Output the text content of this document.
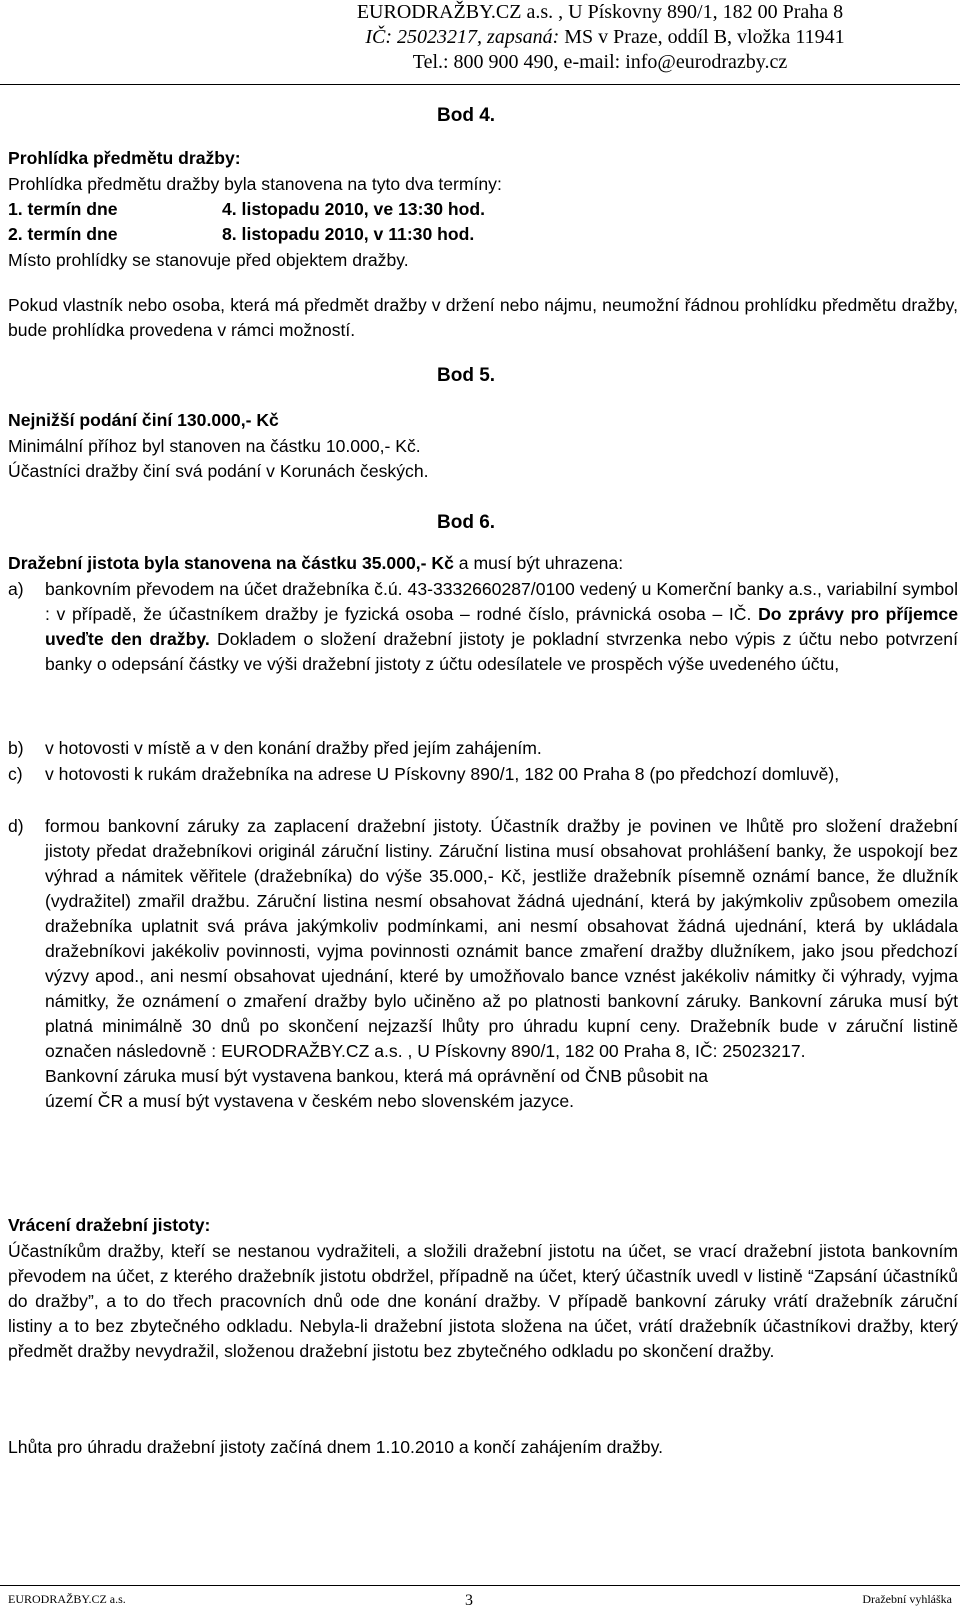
EURODRAŽBY.CZ a.s. , U Pískovny 890/1, 182 00 Praha 8
IČ: 25023217, zapsaná: MS v Praze, oddíl B, vložka 11941
Tel.: 800 900 490, e-mail: info@eurodrazby.cz
Bod 4.
Prohlídka předmětu dražby:
Prohlídka předmětu dražby byla stanovena na tyto dva termíny:
1. termín dne	4. listopadu 2010, ve 13:30 hod.
2. termín dne	8. listopadu 2010, v 11:30 hod.
Místo prohlídky se stanovuje před objektem dražby.
Pokud vlastník nebo osoba, která má předmět dražby v držení nebo nájmu, neumožní řádnou prohlídku předmětu dražby, bude prohlídka provedena v rámci možností.
Bod 5.
Nejnižší podání činí 130.000,- Kč
Minimální příhoz byl stanoven na částku 10.000,- Kč.
Účastníci dražby činí svá podání v Korunách českých.
Bod 6.
Dražební jistota byla stanovena na částku 35.000,- Kč a musí být uhrazena:
a)	bankovním převodem na účet dražebníka č.ú. 43-3332660287/0100 vedený u Komerční banky a.s., variabilní symbol : v případě, že účastníkem dražby je fyzická osoba – rodné číslo, právnická osoba – IČ. Do zprávy pro příjemce uveďte den dražby. Dokladem o složení dražební jistoty je pokladní stvrzenka nebo výpis z účtu nebo potvrzení banky o odepsání částky ve výši dražební jistoty z účtu odesílatele ve prospěch výše uvedeného účtu,
b)	v hotovosti v místě a v den konání dražby před jejím zahájením.
c)	v hotovosti k rukám dražebníka na adrese U Pískovny 890/1, 182 00 Praha 8 (po předchozí domluvě),
d)	formou bankovní záruky za zaplacení dražební jistoty. Účastník dražby je povinen ve lhůtě pro složení dražební jistoty předat dražebníkovi originál záruční listiny. Záruční listina musí obsahovat prohlášení banky, že uspokojí bez výhrad a námitek věřitele (dražebníka) do výše 35.000,- Kč, jestliže dražebník písemně oznámí bance, že dlužník (vydražitel) zmařil dražbu. Záruční listina nesmí obsahovat žádná ujednání, která by jakýmkoliv způsobem omezila dražebníka uplatnit svá práva jakýmkoliv podmínkami, ani nesmí obsahovat žádná ujednání, která by ukládala dražebníkovi jakékoliv povinnosti, vyjma povinnosti oznámit bance zmaření dražby dlužníkem, jako jsou předchozí výzvy apod., ani nesmí obsahovat ujednání, které by umožňovalo bance vznést jakékoliv námitky či výhrady, vyjma námitky, že oznámení o zmaření dražby bylo učiněno až po platnosti bankovní záruky. Bankovní záruka musí být platná minimálně 30 dnů po skončení nejzazší lhůty pro úhradu kupní ceny. Dražebník bude v záruční listině označen následovně : EURODRAŽBY.CZ a.s. , U Pískovny 890/1, 182 00 Praha 8, IČ: 25023217.
Bankovní záruka musí být vystavena bankou, která má oprávnění od ČNB působit na
území ČR a musí být vystavena v českém nebo slovenském jazyce.
Vrácení dražební jistoty:
Účastníkům dražby, kteří se nestanou vydražiteli, a složili dražební jistotu na účet, se vrací dražební jistota bankovním převodem na účet, z kterého dražebník jistotu obdržel, případně na účet, který účastník uvedl v listině “Zapsání účastníků do dražby”, a to do třech pracovních dnů ode dne konání dražby. V případě bankovní záruky vrátí dražebník záruční listiny a to bez zbytečného odkladu. Nebyla-li dražební jistota složena na účet, vrátí dražebník účastníkovi dražby, který předmět dražby nevydražil, složenou dražební jistotu bez zbytečného odkladu po skončení dražby.
Lhůta pro úhradu dražební jistoty začíná dnem 1.10.2010 a končí zahájením dražby.
EURODRAŽBY.CZ a.s.	3	Dražební vyhláška
